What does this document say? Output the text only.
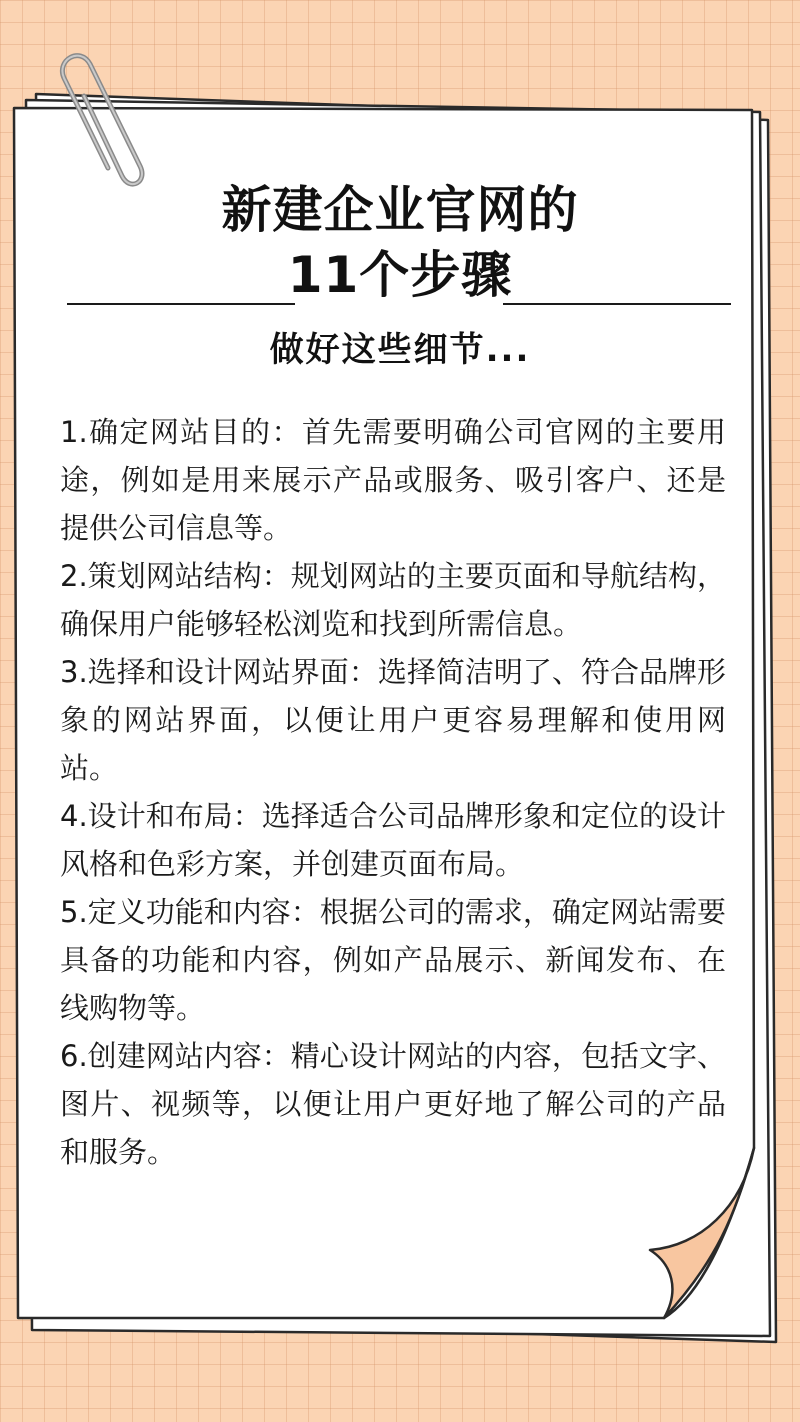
新建企业官网的
11个步骤
做好这些细节...

1.确定网站目的：首先需要明确公司官网的主要用途，例如是用来展示产品或服务、吸引客户、还是提供公司信息等。

2.策划网站结构：规划网站的主要页面和导航结构，确保用户能够轻松浏览和找到所需信息。

3.选择和设计网站界面：选择简洁明了、符合品牌形象的网站界面，以便让用户更容易理解和使用网站。

4.设计和布局：选择适合公司品牌形象和定位的设计风格和色彩方案，并创建页面布局。

5.定义功能和内容：根据公司的需求，确定网站需要具备的功能和内容，例如产品展示、新闻发布、在线购物等。

6.创建网站内容：精心设计网站的内容，包括文字、图片、视频等，以便让用户更好地了解公司的产品和服务。
